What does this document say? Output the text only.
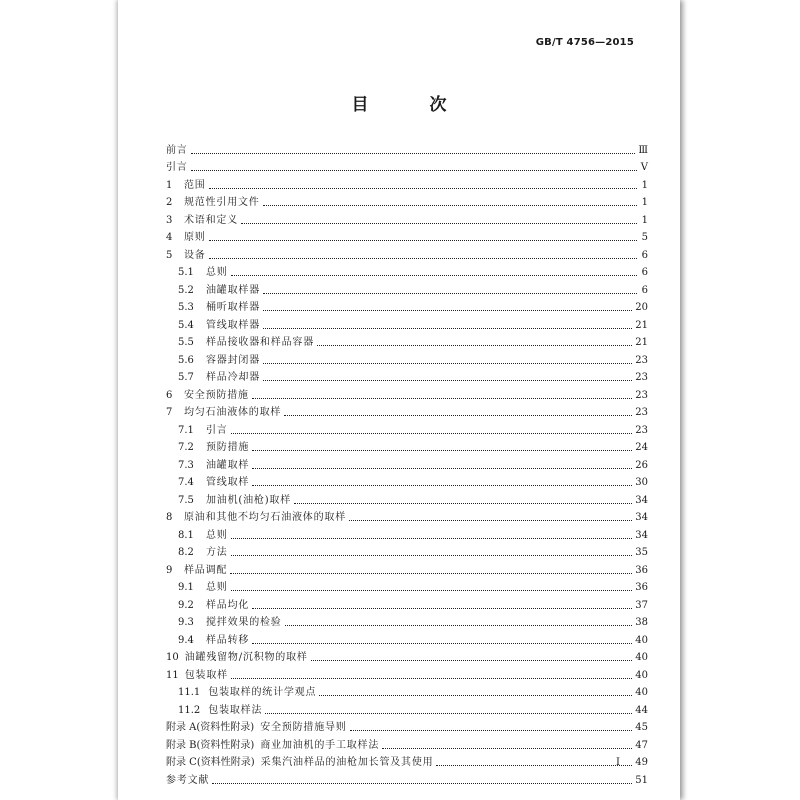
GB/T 4756—2015
目　次
前言	Ⅲ
引言	Ⅴ
1	范围	1
2	规范性引用文件	1
3	术语和定义	1
4	原则	5
5	设备	6
5.1	总则	6
5.2	油罐取样器	6
5.3	桶听取样器	20
5.4	管线取样器	21
5.5	样品接收器和样品容器	21
5.6	容器封闭器	23
5.7	样品冷却器	23
6	安全预防措施	23
7	均匀石油液体的取样	23
7.1	引言	23
7.2	预防措施	24
7.3	油罐取样	26
7.4	管线取样	30
7.5	加油机(油枪)取样	34
8	原油和其他不均匀石油液体的取样	34
8.1	总则	34
8.2	方法	35
9	样品调配	36
9.1	总则	36
9.2	样品均化	37
9.3	搅拌效果的检验	38
9.4	样品转移	40
10 油罐残留物/沉积物的取样	40
11 包装取样	40
11.1 包装取样的统计学观点	40
11.2 包装取样法	44
附录 A(资料性附录) 安全预防措施导则	45
附录 B(资料性附录) 商业加油机的手工取样法	47
附录 C(资料性附录) 采集汽油样品的油枪加长管及其使用	49
参考文献	51
Ⅰ
